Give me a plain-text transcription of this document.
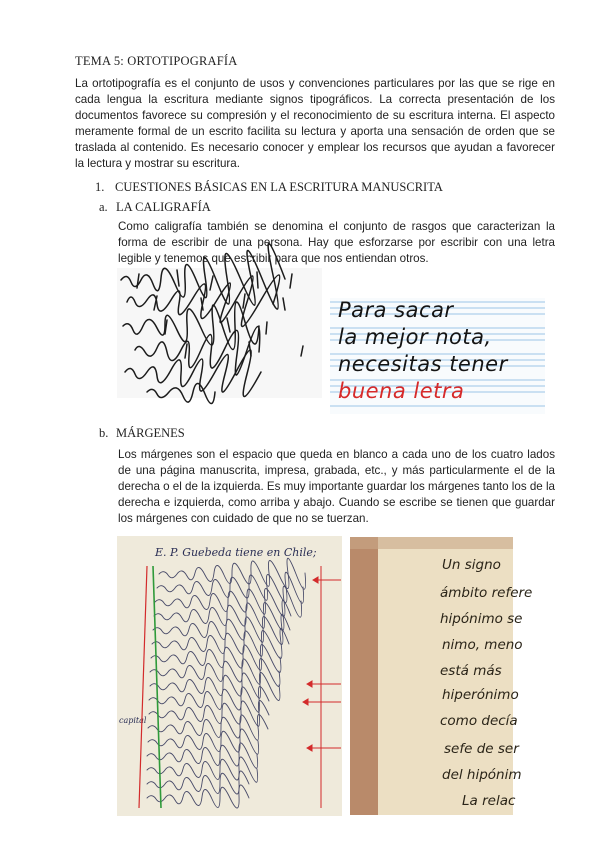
TEMA 5: ORTOTIPOGRAFÍA
La ortotipografía es el conjunto de usos y convenciones particulares por las que se rige en cada lengua la escritura mediante signos tipográficos. La correcta presentación de los documentos favorece su compresión y el reconocimiento de su escritura interna. El aspecto meramente formal de un escrito facilita su lectura y aporta una sensación de orden que se traslada al contenido. Es necesario conocer y emplear los recursos que ayudan a favorecer la lectura y mostrar su escritura.
1. CUESTIONES BÁSICAS EN LA ESCRITURA MANUSCRITA
a. LA CALIGRAFÍA
Como caligrafía también se denomina el conjunto de rasgos que caracterizan la forma de escribir de una persona. Hay que esforzarse por escribir con una letra legible y tenemos que escribir para que nos entiendan otros.
Para sacar
la mejor nota,
necesitas tener
buena letra
b. MÁRGENES
Los márgenes son el espacio que queda en blanco a cada uno de los cuatro lados de una página manuscrita, impresa, grabada, etc., y más particularmente el de la derecha o el de la izquierda. Es muy importante guardar los márgenes tanto los de la derecha e izquierda, como arriba y abajo. Cuando se escribe se tienen que guardar los márgenes con cuidado de que no se tuerzan.
E. P. Guebeda tiene en Chile;
capital
Un signo
ámbito refere
hipónimo se
nimo, meno
está más
hiperónimo
como decía
sefe de ser
del hipónim
La relac
